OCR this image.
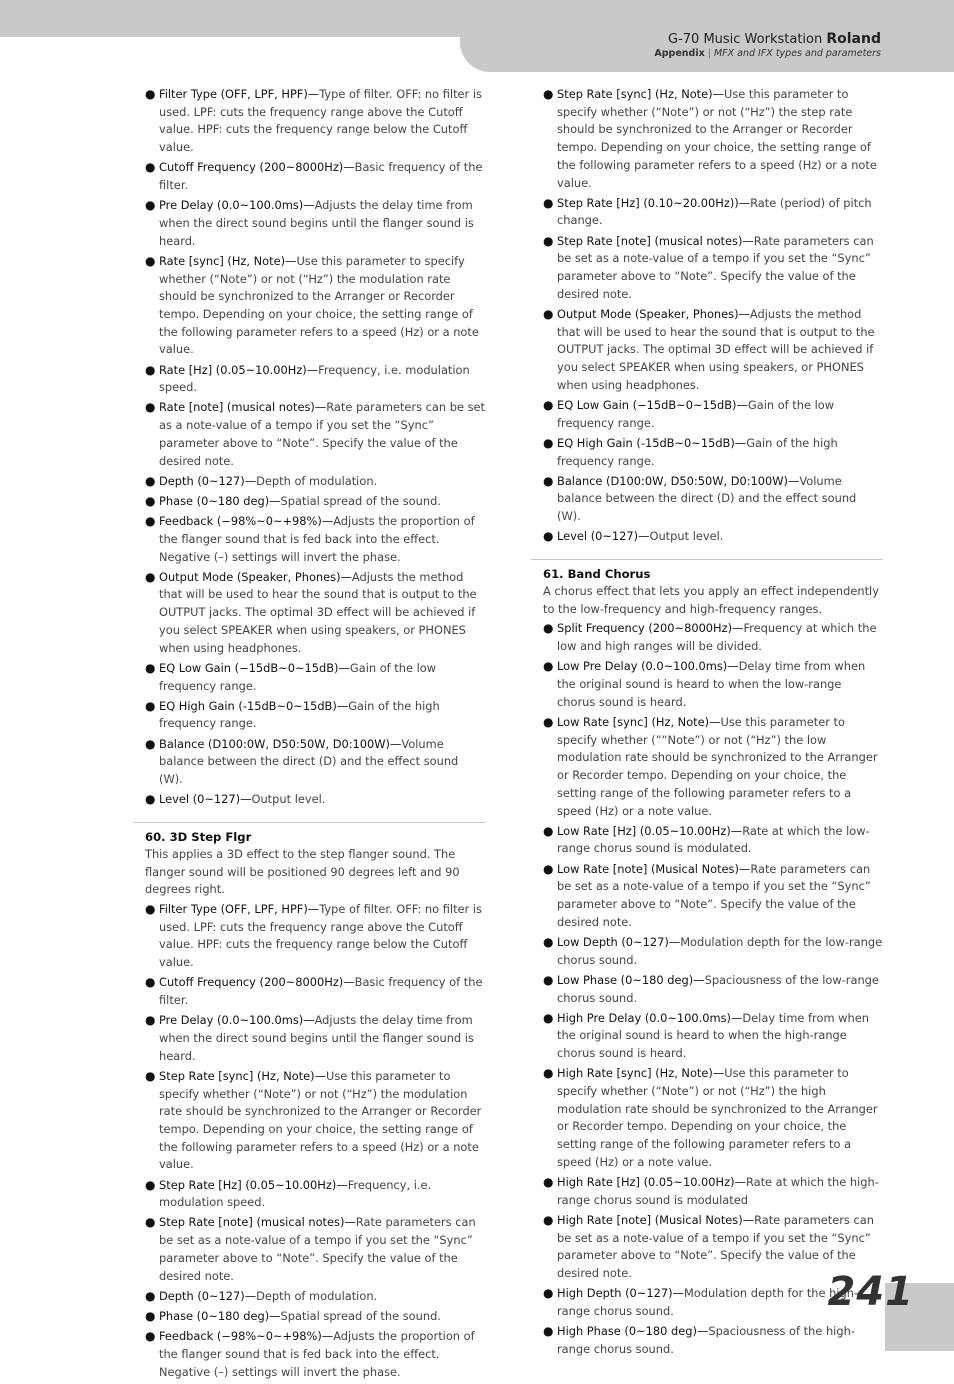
G-70 Music Workstation Roland
Appendix | MFX and IFX types and parameters

● Filter Type (OFF, LPF, HPF)—Type of filter. OFF: no filter is used. LPF: cuts the frequency range above the Cutoff value. HPF: cuts the frequency range below the Cutoff value.

● Cutoff Frequency (200~8000Hz)—Basic frequency of the filter.

● Pre Delay (0.0~100.0ms)—Adjusts the delay time from when the direct sound begins until the flanger sound is heard.

● Rate [sync] (Hz, Note)—Use this parameter to specify whether (“Note”) or not (“Hz”) the modulation rate should be synchronized to the Arranger or Recorder tempo. Depending on your choice, the setting range of the following parameter refers to a speed (Hz) or a note value.

● Rate [Hz] (0.05~10.00Hz)—Frequency, i.e. modulation speed.

● Rate [note] (musical notes)—Rate parameters can be set as a note-value of a tempo if you set the “Sync” parameter above to “Note”. Specify the value of the desired note.

● Depth (0~127)—Depth of modulation.

● Phase (0~180 deg)—Spatial spread of the sound.

● Feedback (−98%~0~+98%)—Adjusts the proportion of the flanger sound that is fed back into the effect. Negative (–) settings will invert the phase.

● Output Mode (Speaker, Phones)—Adjusts the method that will be used to hear the sound that is output to the OUTPUT jacks. The optimal 3D effect will be achieved if you select SPEAKER when using speakers, or PHONES when using headphones.

● EQ Low Gain (−15dB~0~15dB)—Gain of the low frequency range.

● EQ High Gain (-15dB~0~15dB)—Gain of the high frequency range.

● Balance (D100:0W, D50:50W, D0:100W)—Volume balance between the direct (D) and the effect sound (W).

● Level (0~127)—Output level.

60. 3D Step Flgr

This applies a 3D effect to the step flanger sound. The flanger sound will be positioned 90 degrees left and 90 degrees right.

● Filter Type (OFF, LPF, HPF)—Type of filter. OFF: no filter is used. LPF: cuts the frequency range above the Cutoff value. HPF: cuts the frequency range below the Cutoff value.

● Cutoff Frequency (200~8000Hz)—Basic frequency of the filter.

● Pre Delay (0.0~100.0ms)—Adjusts the delay time from when the direct sound begins until the flanger sound is heard.

● Step Rate [sync] (Hz, Note)—Use this parameter to specify whether (“Note”) or not (“Hz”) the modulation rate should be synchronized to the Arranger or Recorder tempo. Depending on your choice, the setting range of the following parameter refers to a speed (Hz) or a note value.

● Step Rate [Hz] (0.05~10.00Hz)—Frequency, i.e. modulation speed.

● Step Rate [note] (musical notes)—Rate parameters can be set as a note-value of a tempo if you set the “Sync” parameter above to “Note”. Specify the value of the desired note.

● Depth (0~127)—Depth of modulation.

● Phase (0~180 deg)—Spatial spread of the sound.

● Feedback (−98%~0~+98%)—Adjusts the proportion of the flanger sound that is fed back into the effect. Negative (–) settings will invert the phase.

● Step Rate [sync] (Hz, Note)—Use this parameter to specify whether (“Note”) or not (“Hz”) the step rate should be synchronized to the Arranger or Recorder tempo. Depending on your choice, the setting range of the following parameter refers to a speed (Hz) or a note value.

● Step Rate [Hz] (0.10~20.00Hz))—Rate (period) of pitch change.

● Step Rate [note] (musical notes)—Rate parameters can be set as a note-value of a tempo if you set the “Sync” parameter above to “Note”. Specify the value of the desired note.

● Output Mode (Speaker, Phones)—Adjusts the method that will be used to hear the sound that is output to the OUTPUT jacks. The optimal 3D effect will be achieved if you select SPEAKER when using speakers, or PHONES when using headphones.

● EQ Low Gain (−15dB~0~15dB)—Gain of the low frequency range.

● EQ High Gain (-15dB~0~15dB)—Gain of the high frequency range.

● Balance (D100:0W, D50:50W, D0:100W)—Volume balance between the direct (D) and the effect sound (W).

● Level (0~127)—Output level.

61. Band Chorus

A chorus effect that lets you apply an effect independently to the low-frequency and high-frequency ranges.

● Split Frequency (200~8000Hz)—Frequency at which the low and high ranges will be divided.

● Low Pre Delay (0.0~100.0ms)—Delay time from when the original sound is heard to when the low-range chorus sound is heard.

● Low Rate [sync] (Hz, Note)—Use this parameter to specify whether (”“Note”) or not (“Hz”) the low modulation rate should be synchronized to the Arranger or Recorder tempo. Depending on your choice, the setting range of the following parameter refers to a speed (Hz) or a note value.

● Low Rate [Hz] (0.05~10.00Hz)—Rate at which the low-range chorus sound is modulated.

● Low Rate [note] (Musical Notes)—Rate parameters can be set as a note-value of a tempo if you set the “Sync” parameter above to “Note”. Specify the value of the desired note.

● Low Depth (0~127)—Modulation depth for the low-range chorus sound.

● Low Phase (0~180 deg)—Spaciousness of the low-range chorus sound.

● High Pre Delay (0.0~100.0ms)—Delay time from when the original sound is heard to when the high-range chorus sound is heard.

● High Rate [sync] (Hz, Note)—Use this parameter to specify whether (“Note”) or not (“Hz”) the high modulation rate should be synchronized to the Arranger or Recorder tempo. Depending on your choice, the setting range of the following parameter refers to a speed (Hz) or a note value.

● High Rate [Hz] (0.05~10.00Hz)—Rate at which the high-range chorus sound is modulated

● High Rate [note] (Musical Notes)—Rate parameters can be set as a note-value of a tempo if you set the “Sync” parameter above to “Note”. Specify the value of the desired note.

● High Depth (0~127)—Modulation depth for the high-range chorus sound.

● High Phase (0~180 deg)—Spaciousness of the high-range chorus sound.

241
